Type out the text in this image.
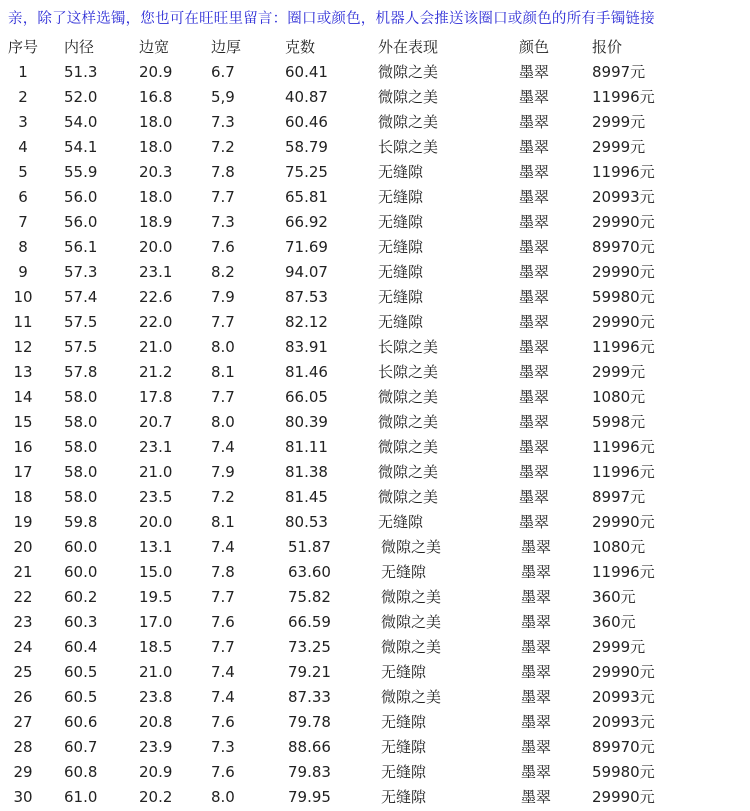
亲，除了这样选镯，您也可在旺旺里留言：圈口或颜色，机器人会推送该圈口或颜色的所有手镯链接
序号 内径	边宽	边厚	克数	外在表现	颜色	报价
1	51.3	20.9	6.7	60.41	微隙之美	墨翠	8997元
2	52.0	16.8	5,9	40.87	微隙之美	墨翠	11996元
3	54.0	18.0	7.3	60.46	微隙之美	墨翠	2999元
4	54.1	18.0	7.2	58.79	长隙之美	墨翠	2999元
5	55.9	20.3	7.8	75.25	无缝隙	墨翠	11996元
6	56.0	18.0	7.7	65.81	无缝隙	墨翠	20993元
7	56.0	18.9	7.3	66.92	无缝隙	墨翠	29990元
8	56.1	20.0	7.6	71.69	无缝隙	墨翠	89970元
9	57.3	23.1	8.2	94.07	无缝隙	墨翠	29990元
10	57.4	22.6	7.9	87.53	无缝隙	墨翠	59980元
11	57.5	22.0	7.7	82.12	无缝隙	墨翠	29990元
12	57.5	21.0	8.0	83.91	长隙之美	墨翠	11996元
13	57.8	21.2	8.1	81.46	长隙之美	墨翠	2999元
14	58.0	17.8	7.7	66.05	微隙之美	墨翠	1080元
15	58.0	20.7	8.0	80.39	微隙之美	墨翠	5998元
16	58.0	23.1	7.4	81.11	微隙之美	墨翠	11996元
17	58.0	21.0	7.9	81.38	微隙之美	墨翠	11996元
18	58.0	23.5	7.2	81.45	微隙之美	墨翠	8997元
19	59.8	20.0	8.1	80.53	无缝隙	墨翠	29990元
20	60.0	13.1	7.4	51.87	微隙之美	墨翠	1080元
21	60.0	15.0	7.8	63.60	无缝隙	墨翠	11996元
22	60.2	19.5	7.7	75.82	微隙之美	墨翠	360元
23	60.3	17.0	7.6	66.59	微隙之美	墨翠	360元
24	60.4	18.5	7.7	73.25	微隙之美	墨翠	2999元
25	60.5	21.0	7.4	79.21	无缝隙	墨翠	29990元
26	60.5	23.8	7.4	87.33	微隙之美	墨翠	20993元
27	60.6	20.8	7.6	79.78	无缝隙	墨翠	20993元
28	60.7	23.9	7.3	88.66	无缝隙	墨翠	89970元
29	60.8	20.9	7.6	79.83	无缝隙	墨翠	59980元
30	61.0	20.2	8.0	79.95	无缝隙	墨翠	29990元
